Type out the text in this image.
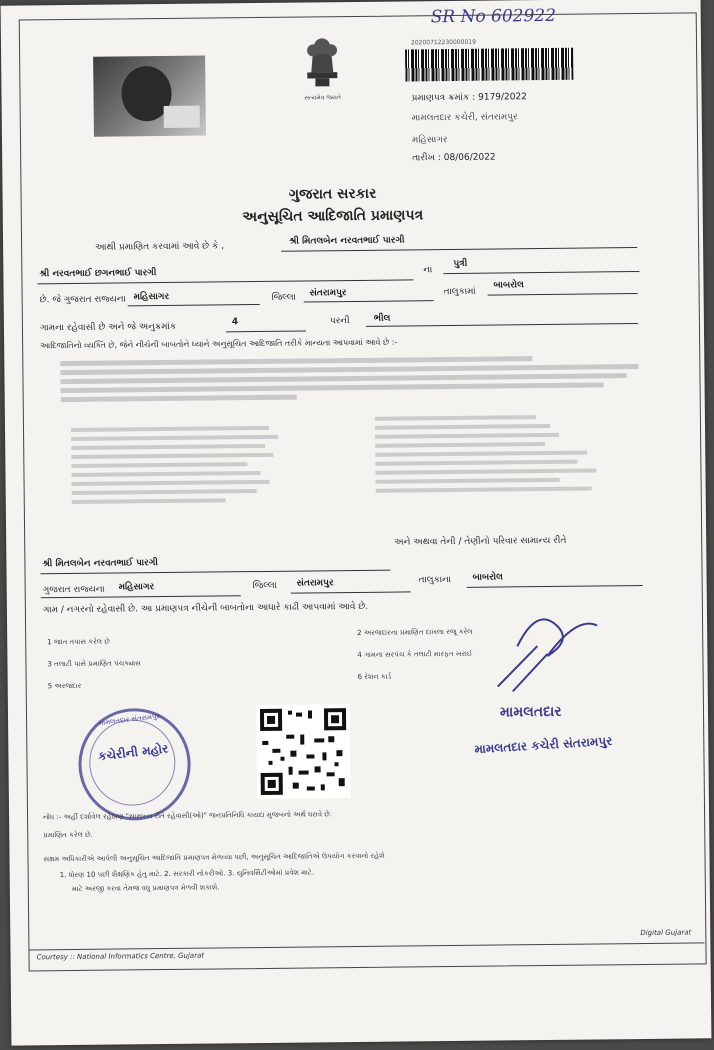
SR No 602922
સત્યમેવ જયતે
20200712230000019
પ્રમાણપત્ર ક્રમાંક : 9179/2022
મામલતદાર કચેરી, સંતરામપુર
મહિસાગર
તારીખ : 08/06/2022
ગુજરાત સરકાર
અનુસૂચિત આદિજાતિ પ્રમાણપત્ર
આથી પ્રમાણિત કરવામાં આવે છે કે ,
શ્રી મિતલબેન નરવતભાઈ પારગી
શ્રી નરવતભાઈ છગનભાઈ પારગી	ના
પુત્રી
છે. જે ગુજરાત રાજ્યના મહિસાગર	જિલ્લા સંતરામપુર	તાલુકામાં
બાબરોલ
ગામના રહેવાસી છે અને જે અનુક્રમાંક	4	પરની	ભીલ
આદિજાતિનો વ્યક્તિ છે, જેને નીચેની બાબતોને ધ્યાને અનુસૂચિત આદિજાતિ તરીકે માન્યતા આપવામાં આવે છે :-
અને અથવા તેની / તેણીનો પરિવાર સામાન્ય રીતે
શ્રી મિતલબેન નરવતભાઈ પારગી
ગુજરાત રાજ્યના મહિસાગર	જિલ્લા સંતરામપુર	તાલુકાના બાબરોલ
ગામ / નગરનો રહેવાસી છે. આ પ્રમાણપત્ર નીચેની બાબતોના આધારે કાઢી આપવામાં આવે છે.
1 જાત તપાસ કરેલ છે
3 તલાટી પાસે પ્રમાણિત પંચક્યાસ
5 અરજદાર
2 અરજદારના પ્રમાણિત દાખલા રજૂ કરેલ
4 ગામના સરપંચ કે તલાટી મારફત ખરાઈ
6 રેશન કાર્ડ
મામલતદાર સંતરામપુર
કચેરીની મહોર
મામલતદાર
મામલતદાર કચેરી સંતરામપુર
નોંધ :- અહીં દર્શાવેલ રહેઠાણ "સામાન્ય રીતે રહેવાસી(ઓ)" જનપ્રતિનિધિ કાયદા મુજબનો અર્થ ધરાવે છે.
પ્રમાણિત કરેલ છે.
સક્ષમ અધિકારીએ આપેલી અનુસૂચિત આદિજાતિ પ્રમાણપત્ર મેળવ્યા પછી, અનુસૂચિત આદિજાતિએ ઉપયોગ કરવાનો રહેશે
1. ધોરણ 10 પછી શૈક્ષણિક હેતુ માટે. 2. સરકારી નોકરીઓ. 3. યુનિવર્સિટીઓમાં પ્રવેશ માટે.
માટે અરજી કરવા તેમજ વધુ પ્રમાણપત્ર મેળવી શકાશે.
Courtesy :: National Informatics Centre, Gujarat
Digital Gujarat
